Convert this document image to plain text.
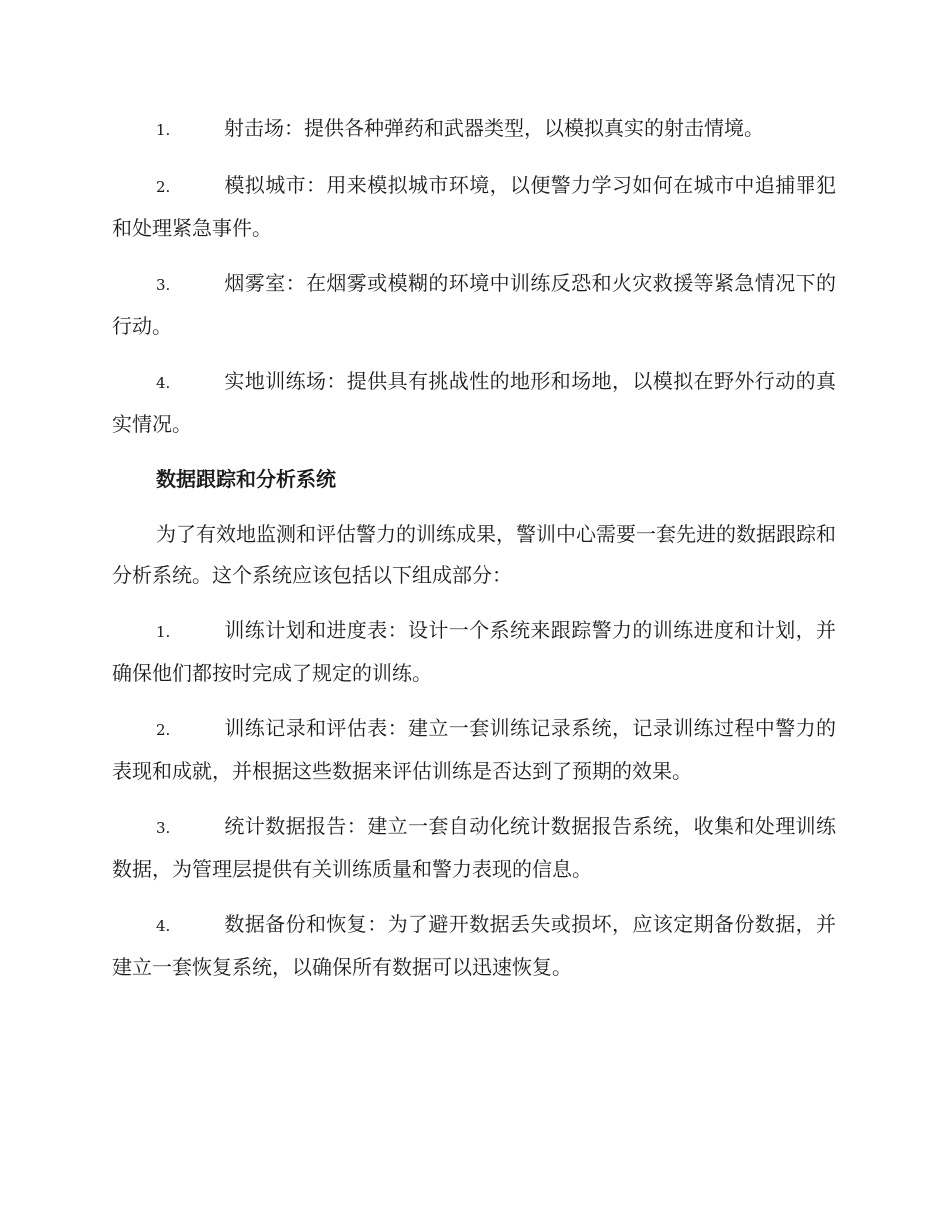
1.	射击场：提供各种弹药和武器类型，以模拟真实的射击情境。

2.	模拟城市：用来模拟城市环境，以便警力学习如何在城市中追捕罪犯和处理紧急事件。

3.	烟雾室：在烟雾或模糊的环境中训练反恐和火灾救援等紧急情况下的行动。

4.	实地训练场：提供具有挑战性的地形和场地，以模拟在野外行动的真实情况。

数据跟踪和分析系统

为了有效地监测和评估警力的训练成果，警训中心需要一套先进的数据跟踪和分析系统。这个系统应该包括以下组成部分：

1.	训练计划和进度表：设计一个系统来跟踪警力的训练进度和计划，并确保他们都按时完成了规定的训练。

2.	训练记录和评估表：建立一套训练记录系统，记录训练过程中警力的表现和成就，并根据这些数据来评估训练是否达到了预期的效果。

3.	统计数据报告：建立一套自动化统计数据报告系统，收集和处理训练数据，为管理层提供有关训练质量和警力表现的信息。

4.	数据备份和恢复：为了避开数据丢失或损坏，应该定期备份数据，并建立一套恢复系统，以确保所有数据可以迅速恢复。
